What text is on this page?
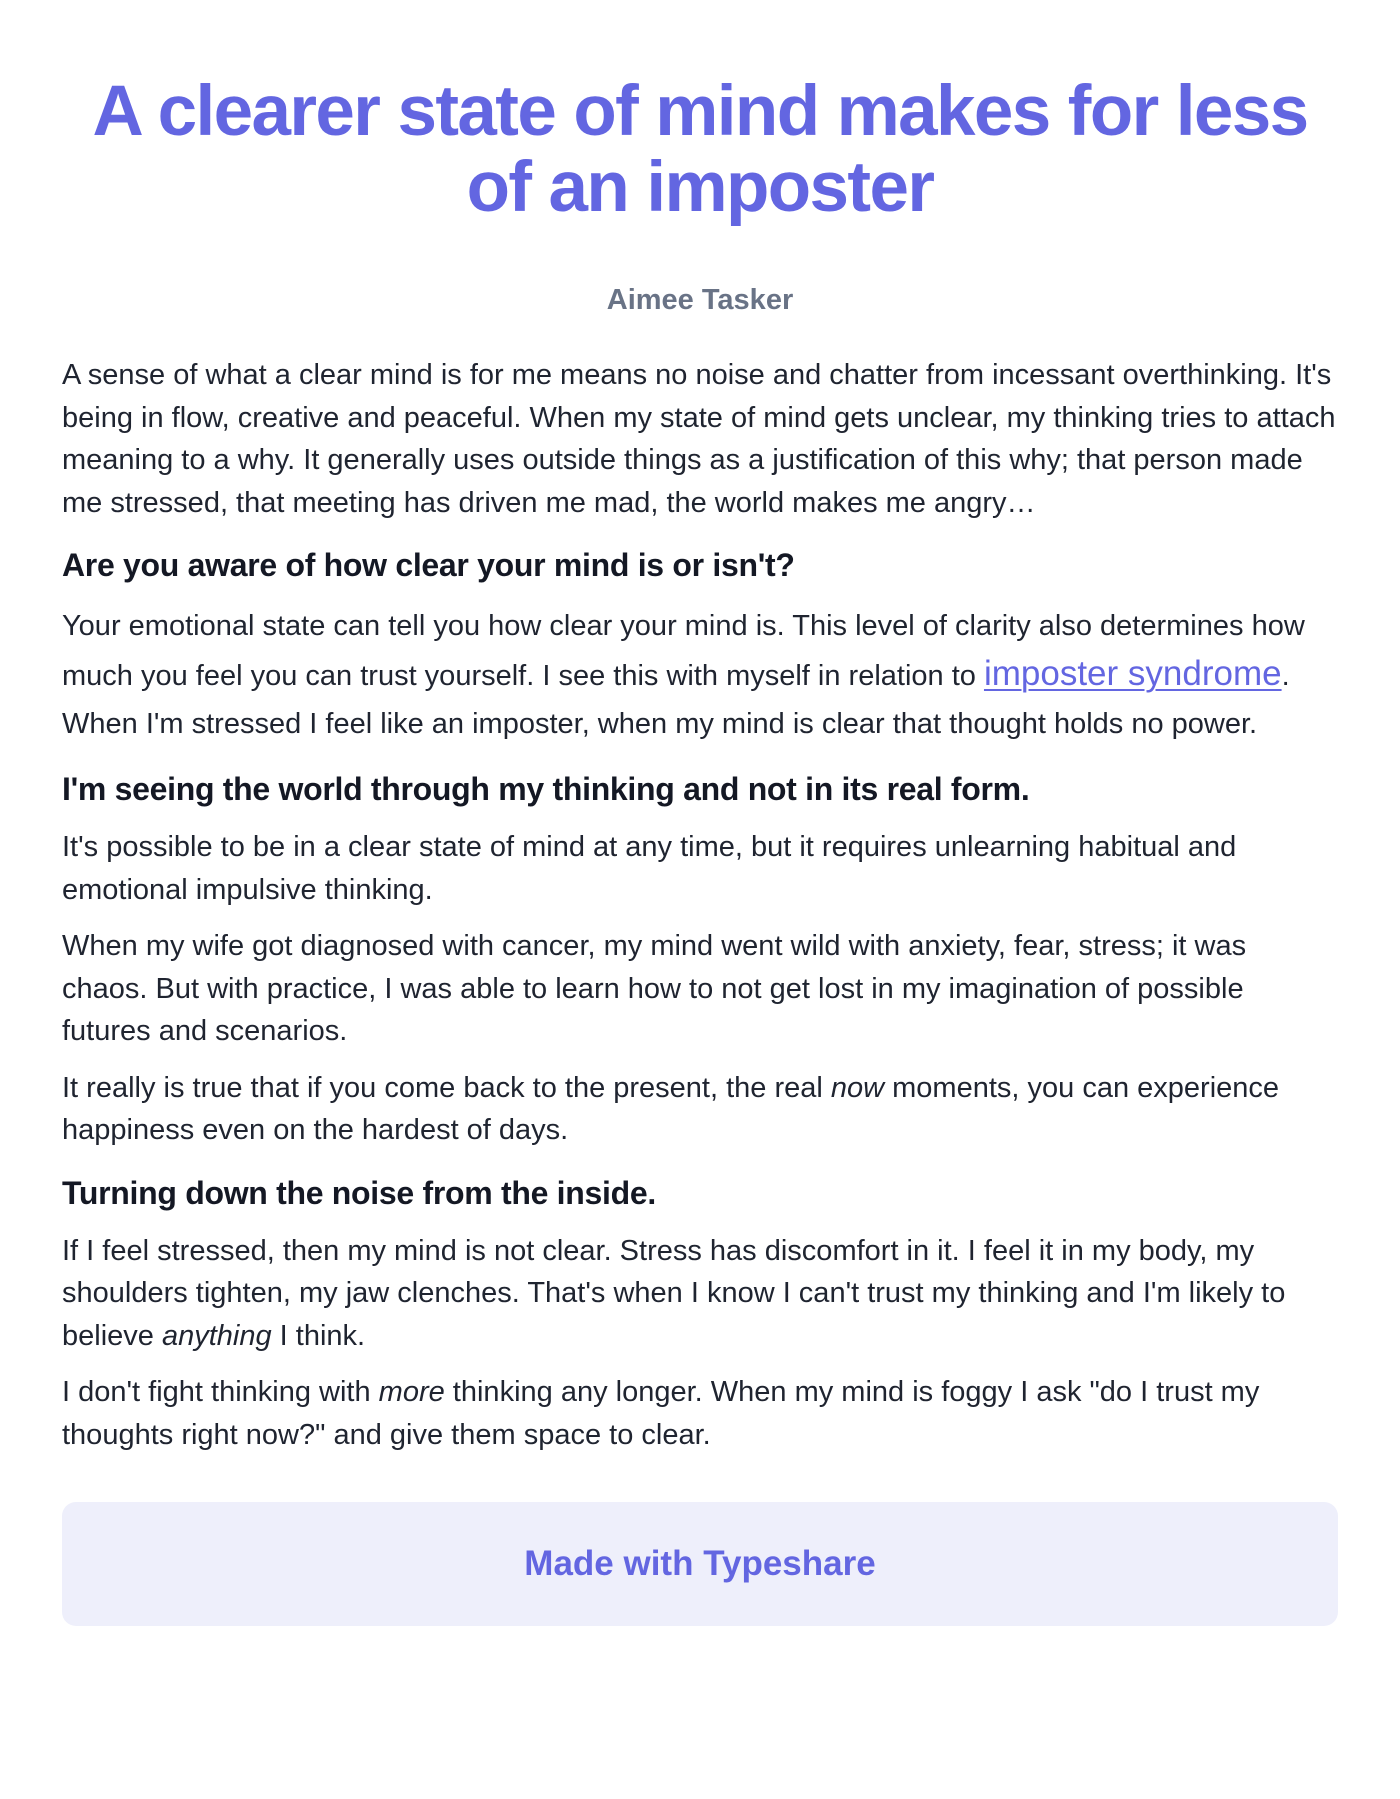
A clearer state of mind makes for less of an imposter
Aimee Tasker

A sense of what a clear mind is for me means no noise and chatter from incessant overthinking. It's being in flow, creative and peaceful. When my state of mind gets unclear, my thinking tries to attach meaning to a why. It generally uses outside things as a justification of this why; that person made me stressed, that meeting has driven me mad, the world makes me angry…

Are you aware of how clear your mind is or isn't?

Your emotional state can tell you how clear your mind is. This level of clarity also determines how much you feel you can trust yourself. I see this with myself in relation to imposter syndrome. When I'm stressed I feel like an imposter, when my mind is clear that thought holds no power.

I'm seeing the world through my thinking and not in its real form.

It's possible to be in a clear state of mind at any time, but it requires unlearning habitual and emotional impulsive thinking.

When my wife got diagnosed with cancer, my mind went wild with anxiety, fear, stress; it was chaos. But with practice, I was able to learn how to not get lost in my imagination of possible futures and scenarios.

It really is true that if you come back to the present, the real now moments, you can experience happiness even on the hardest of days.

Turning down the noise from the inside.

If I feel stressed, then my mind is not clear. Stress has discomfort in it. I feel it in my body, my shoulders tighten, my jaw clenches. That's when I know I can't trust my thinking and I'm likely to believe anything I think.

I don't fight thinking with more thinking any longer. When my mind is foggy I ask "do I trust my thoughts right now?" and give them space to clear.

Made with Typeshare
